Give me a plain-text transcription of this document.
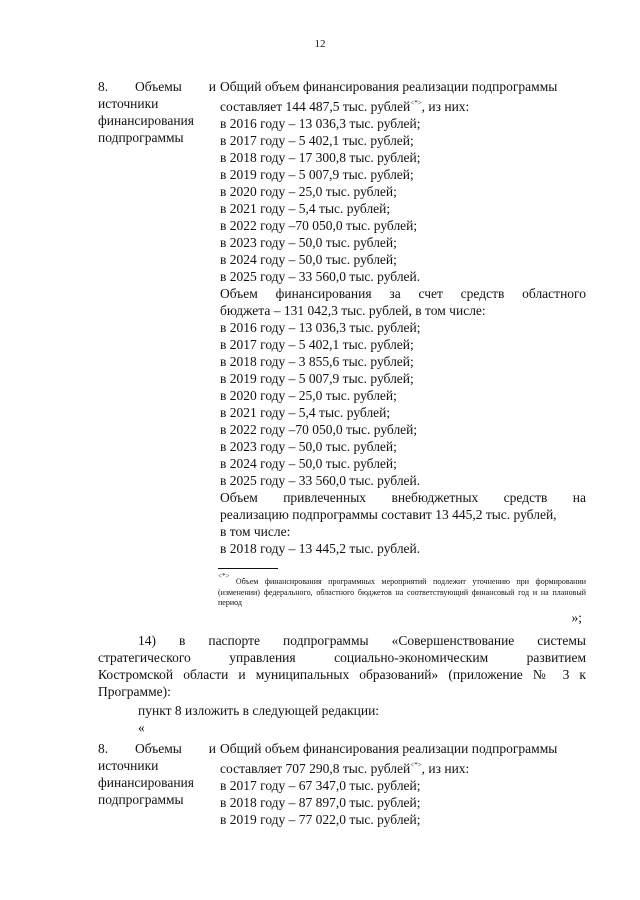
12
8. Объемы и
источники
финансирования
подпрограммы
Общий объем финансирования реализации подпрограммы
составляет 144 487,5 тыс. рублей<*>, из них:
в 2016 году – 13 036,3 тыс. рублей;
в 2017 году – 5 402,1 тыс. рублей;
в 2018 году – 17 300,8 тыс. рублей;
в 2019 году – 5 007,9 тыс. рублей;
в 2020 году – 25,0 тыс. рублей;
в 2021 году – 5,4 тыс. рублей;
в 2022 году –70 050,0 тыс. рублей;
в 2023 году – 50,0 тыс. рублей;
в 2024 году – 50,0 тыс. рублей;
в 2025 году – 33 560,0 тыс. рублей.
Объем финансирования за счет средств областного
бюджета – 131 042,3 тыс. рублей, в том числе:
в 2016 году – 13 036,3 тыс. рублей;
в 2017 году – 5 402,1 тыс. рублей;
в 2018 году – 3 855,6 тыс. рублей;
в 2019 году – 5 007,9 тыс. рублей;
в 2020 году – 25,0 тыс. рублей;
в 2021 году – 5,4 тыс. рублей;
в 2022 году –70 050,0 тыс. рублей;
в 2023 году – 50,0 тыс. рублей;
в 2024 году – 50,0 тыс. рублей;
в 2025 году – 33 560,0 тыс. рублей.
Объем привлеченных внебюджетных средств на
реализацию подпрограммы составит 13 445,2 тыс. рублей,
в том числе:
в 2018 году – 13 445,2 тыс. рублей.
<*> Объем финансирования программных мероприятий подлежит уточнению при формировании (изменении) федерального, областного бюджетов на соответствующий финансовый год и на плановый период
»;
14) в паспорте подпрограммы «Совершенствование системы
стратегического управления социально-экономическим развитием
Костромской области и муниципальных образований» (приложение № 3 к
Программе):
пункт 8 изложить в следующей редакции:
«
8. Объемы и
источники
финансирования
подпрограммы
Общий объем финансирования реализации подпрограммы
составляет 707 290,8 тыс. рублей<*>, из них:
в 2017 году – 67 347,0 тыс. рублей;
в 2018 году – 87 897,0 тыс. рублей;
в 2019 году – 77 022,0 тыс. рублей;
